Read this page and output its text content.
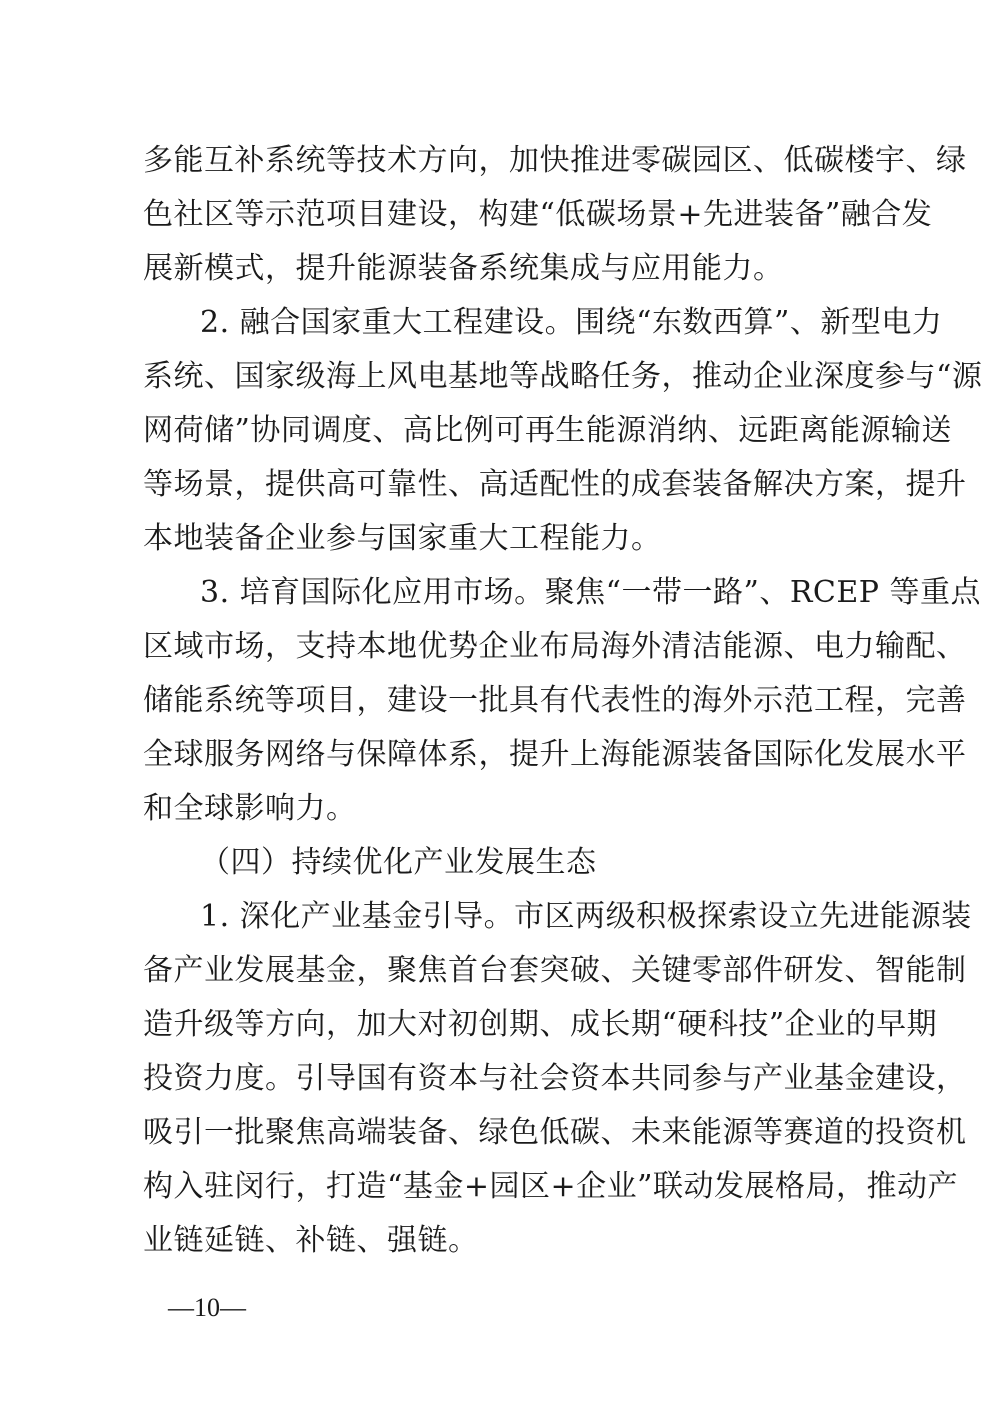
多能互补系统等技术方向，加快推进零碳园区、低碳楼宇、绿
色社区等示范项目建设，构建“低碳场景+先进装备”融合发
展新模式，提升能源装备系统集成与应用能力。
2. 融合国家重大工程建设。围绕“东数西算”、新型电力
系统、国家级海上风电基地等战略任务，推动企业深度参与“源
网荷储”协同调度、高比例可再生能源消纳、远距离能源输送
等场景，提供高可靠性、高适配性的成套装备解决方案，提升
本地装备企业参与国家重大工程能力。
3. 培育国际化应用市场。聚焦“一带一路”、RCEP 等重点
区域市场，支持本地优势企业布局海外清洁能源、电力输配、
储能系统等项目，建设一批具有代表性的海外示范工程，完善
全球服务网络与保障体系，提升上海能源装备国际化发展水平
和全球影响力。
（四）持续优化产业发展生态
1. 深化产业基金引导。市区两级积极探索设立先进能源装
备产业发展基金，聚焦首台套突破、关键零部件研发、智能制
造升级等方向，加大对初创期、成长期“硬科技”企业的早期
投资力度。引导国有资本与社会资本共同参与产业基金建设，
吸引一批聚焦高端装备、绿色低碳、未来能源等赛道的投资机
构入驻闵行，打造“基金+园区+企业”联动发展格局，推动产
业链延链、补链、强链。
—10—
